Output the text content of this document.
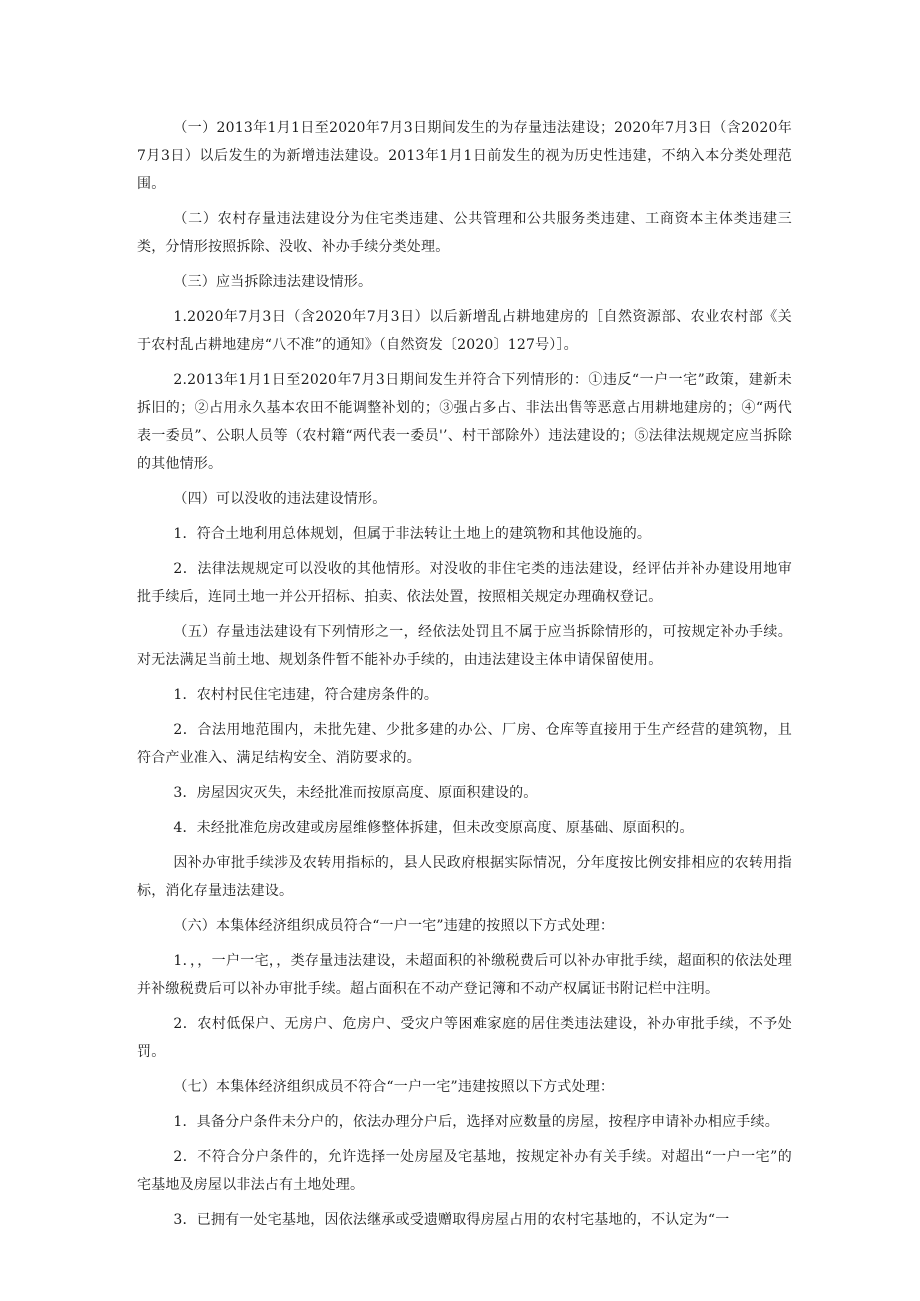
（一）2013年1月1日至2020年7月3日期间发生的为存量违法建设；2020年7月3日（含2020年7月3日）以后发生的为新增违法建设。2013年1月1日前发生的视为历史性违建，不纳入本分类处理范围。

（二）农村存量违法建设分为住宅类违建、公共管理和公共服务类违建、工商资本主体类违建三类，分情形按照拆除、没收、补办手续分类处理。

（三）应当拆除违法建设情形。

1.2020年7月3日（含2020年7月3日）以后新增乱占耕地建房的［自然资源部、农业农村部《关于农村乱占耕地建房“八不准”的通知》（自然资发〔2020〕127号）］。

2.2013年1月1日至2020年7月3日期间发生并符合下列情形的：①违反“一户一宅”政策，建新未拆旧的；②占用永久基本农田不能调整补划的；③强占多占、非法出售等恶意占用耕地建房的；④“两代表一委员”、公职人员等（农村籍“两代表一委员'’、村干部除外）违法建设的；⑤法律法规规定应当拆除的其他情形。

（四）可以没收的违法建设情形。

1．符合土地利用总体规划，但属于非法转让土地上的建筑物和其他设施的。

2．法律法规规定可以没收的其他情形。对没收的非住宅类的违法建设，经评估并补办建设用地审批手续后，连同土地一并公开招标、拍卖、依法处置，按照相关规定办理确权登记。

（五）存量违法建设有下列情形之一，经依法处罚且不属于应当拆除情形的，可按规定补办手续。对无法满足当前土地、规划条件暂不能补办手续的，由违法建设主体申请保留使用。

1．农村村民住宅违建，符合建房条件的。

2．合法用地范围内，未批先建、少批多建的办公、厂房、仓库等直接用于生产经营的建筑物，且符合产业准入、满足结构安全、消防要求的。

3．房屋因灾灭失，未经批准而按原高度、原面积建设的。

4．未经批准危房改建或房屋维修整体拆建，但未改变原高度、原基础、原面积的。

因补办审批手续涉及农转用指标的，县人民政府根据实际情况，分年度按比例安排相应的农转用指标，消化存量违法建设。

（六）本集体经济组织成员符合“一户一宅”违建的按照以下方式处理：

1．，，一户一宅，，类存量违法建设，未超面积的补缴税费后可以补办审批手续，超面积的依法处理并补缴税费后可以补办审批手续。超占面积在不动产登记簿和不动产权属证书附记栏中注明。

2．农村低保户、无房户、危房户、受灾户等困难家庭的居住类违法建设，补办审批手续，不予处罚。

（七）本集体经济组织成员不符合“一户一宅”违建按照以下方式处理：

1．具备分户条件未分户的，依法办理分户后，选择对应数量的房屋，按程序申请补办相应手续。

2．不符合分户条件的，允许选择一处房屋及宅基地，按规定补办有关手续。对超出“一户一宅”的宅基地及房屋以非法占有土地处理。

3．已拥有一处宅基地，因依法继承或受遗赠取得房屋占用的农村宅基地的，不认定为“一
